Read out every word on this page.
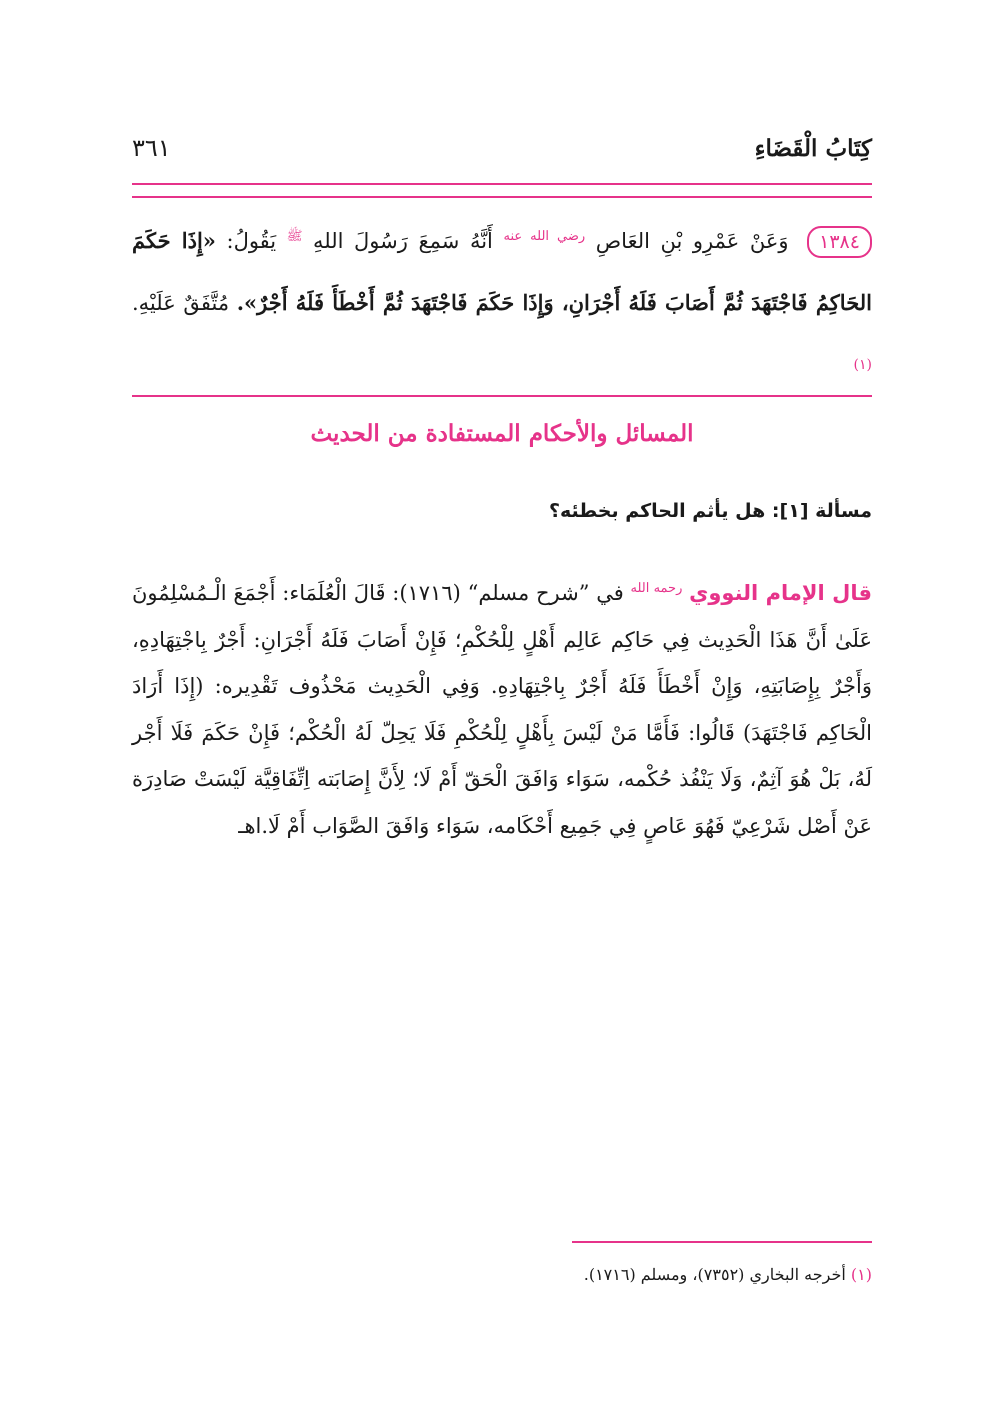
كِتَابُ الْقَضَاءِ
٣٦١
١٣٨٤ وَعَنْ عَمْرِو بْنِ العَاصِ $^{رضي الله عنه}$ أَنَّهُ سَمِعَ رَسُولَ اللهِ $^ﷺ$ يَقُولُ: «إِذَا حَكَمَ الحَاكِمُ فَاجْتَهَدَ ثُمَّ أَصَابَ فَلَهُ أَجْرَانِ، وَإِذَا حَكَمَ فَاجْتَهَدَ ثُمَّ أَخْطَأَ فَلَهُ أَجْرٌ». مُتَّفَقٌ عَلَيْهِ. $^{(١)}$
المسائل والأحكام المستفادة من الحديث
مسألة [١]: هل يأثم الحاكم بخطئه؟
قال الإمام النووي $^{رحمه الله}$ في ”شرح مسلم“ (١٧١٦): قَالَ الْعُلَمَاء: أَجْمَعَ الْـمُسْلِمُونَ عَلَىٰ أَنَّ هَذَا الْحَدِيث فِي حَاكِم عَالِم أَهْلٍ لِلْحُكْمِ؛ فَإِنْ أَصَابَ فَلَهُ أَجْرَانِ: أَجْرٌ بِاجْتِهَادِهِ، وَأَجْرٌ بِإِصَابَتِهِ، وَإِنْ أَخْطَأَ فَلَهُ أَجْرٌ بِاجْتِهَادِهِ. وَفِي الْحَدِيث مَحْذُوف تَقْدِيره: (إِذَا أَرَادَ الْحَاكِم فَاجْتَهَدَ) قَالُوا: فَأَمَّا مَنْ لَيْسَ بِأَهْلٍ لِلْحُكْمِ فَلَا يَحِلّ لَهُ الْحُكْم؛ فَإِنْ حَكَمَ فَلَا أَجْر لَهُ، بَلْ هُوَ آثِمٌ، وَلَا يَنْفُذ حُكْمه، سَوَاء وَافَقَ الْحَقّ أَمْ لَا؛ لِأَنَّ إِصَابَته اِتِّفَاقِيَّة لَيْسَتْ صَادِرَة عَنْ أَصْل شَرْعِيّ فَهُوَ عَاصٍ فِي جَمِيع أَحْكَامه، سَوَاء وَافَقَ الصَّوَاب أَمْ لَا.اهـ
(١) أخرجه البخاري (٧٣٥٢)، ومسلم (١٧١٦).
